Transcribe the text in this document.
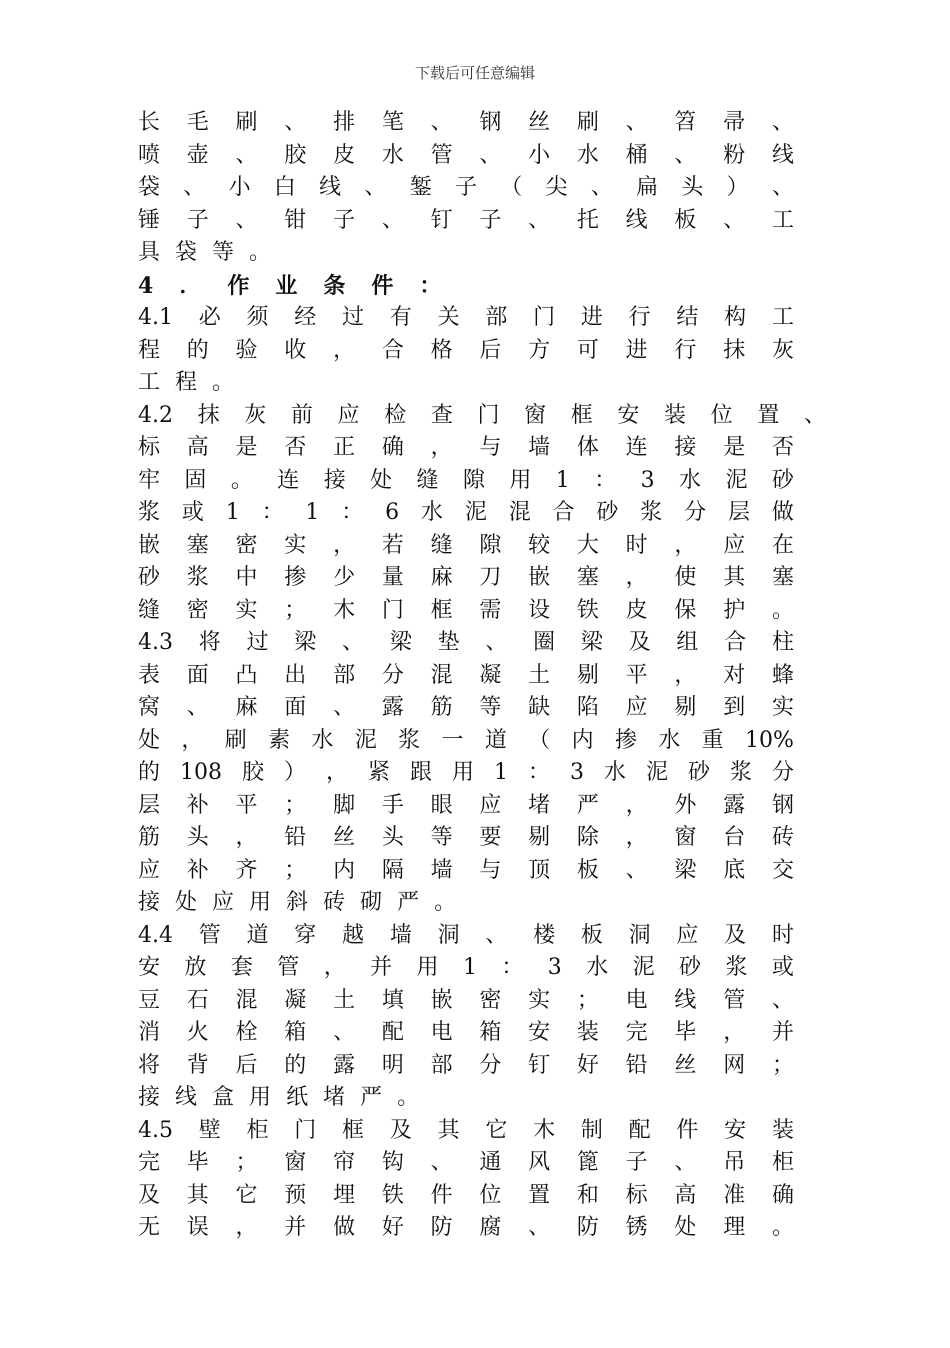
下载后可任意编辑
长 毛 刷 、 排 笔 、 钢 丝 刷 、 笤 帚 、
喷 壶 、 胶 皮 水 管 、 小 水 桶 、 粉 线
袋 、 小 白 线 、 錾 子 （ 尖 、 扁 头 ） 、
锤 子 、 钳 子 、 钉 子 、 托 线 板 、 工
具 袋 等 。
4 ． 作 业 条 件 ：
4.1 必 须 经 过 有 关 部 门 进 行 结 构 工
程 的 验 收 ， 合 格 后 方 可 进 行 抹 灰
工 程 。
4.2 抹 灰 前 应 检 查 门 窗 框 安 装 位 置 、
标 高 是 否 正 确 ， 与 墙 体 连 接 是 否
牢 固 。 连 接 处 缝 隙 用 1 ： 3 水 泥 砂
浆 或 1 ： 1 ： 6 水 泥 混 合 砂 浆 分 层 做
嵌 塞 密 实 ， 若 缝 隙 较 大 时 ， 应 在
砂 浆 中 掺 少 量 麻 刀 嵌 塞 ， 使 其 塞
缝 密 实 ； 木 门 框 需 设 铁 皮 保 护 。
4.3 将 过 梁 、 梁 垫 、 圈 梁 及 组 合 柱
表 面 凸 出 部 分 混 凝 土 剔 平 ， 对 蜂
窝 、 麻 面 、 露 筋 等 缺 陷 应 剔 到 实
处 ， 刷 素 水 泥 浆 一 道 （ 内 掺 水 重 10%
的 108 胶 ） ， 紧 跟 用 1 ： 3 水 泥 砂 浆 分
层 补 平 ； 脚 手 眼 应 堵 严 ， 外 露 钢
筋 头 ， 铅 丝 头 等 要 剔 除 ， 窗 台 砖
应 补 齐 ； 内 隔 墙 与 顶 板 、 梁 底 交
接 处 应 用 斜 砖 砌 严 。
4.4 管 道 穿 越 墙 洞 、 楼 板 洞 应 及 时
安 放 套 管 ， 并 用 1 ： 3 水 泥 砂 浆 或
豆 石 混 凝 土 填 嵌 密 实 ； 电 线 管 、
消 火 栓 箱 、 配 电 箱 安 装 完 毕 ， 并
将 背 后 的 露 明 部 分 钉 好 铅 丝 网 ；
接 线 盒 用 纸 堵 严 。
4.5 壁 柜 门 框 及 其 它 木 制 配 件 安 装
完 毕 ； 窗 帘 钩 、 通 风 篦 子 、 吊 柜
及 其 它 预 埋 铁 件 位 置 和 标 高 准 确
无 误 ， 并 做 好 防 腐 、 防 锈 处 理 。
